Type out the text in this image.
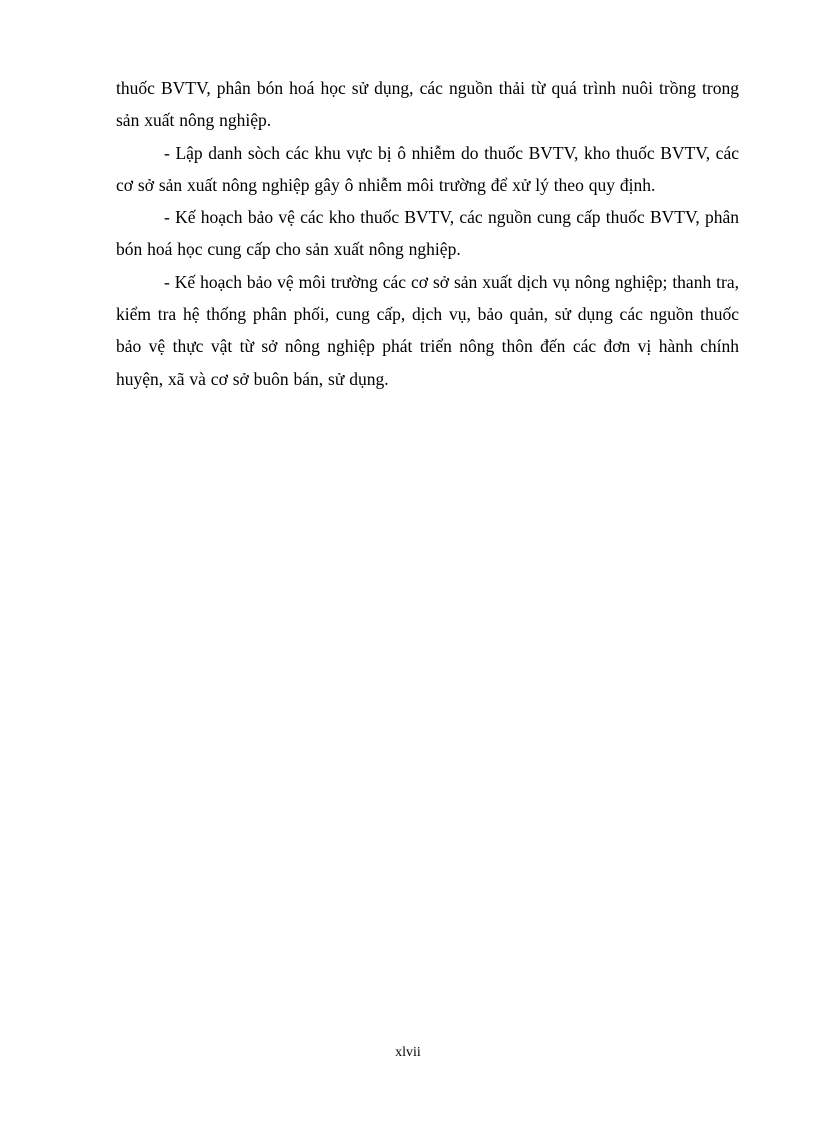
thuốc BVTV, phân bón hoá học sử dụng, các nguồn thải từ quá trình nuôi trồng trong sản xuất nông nghiệp.

- Lập danh sòch các khu vực bị ô nhiễm do thuốc BVTV, kho thuốc BVTV, các cơ sở sản xuất nông nghiệp gây ô nhiễm môi trường để xử lý theo quy định.

- Kế hoạch bảo vệ các kho thuốc BVTV, các nguồn cung cấp thuốc BVTV, phân bón hoá học cung cấp cho sản xuất nông nghiệp.

- Kế hoạch bảo vệ môi trường các cơ sở sản xuất dịch vụ nông nghiệp; thanh tra, kiểm tra hệ thống phân phối, cung cấp, dịch vụ, bảo quản, sử dụng các nguồn thuốc bảo vệ thực vật từ sở nông nghiệp phát triển nông thôn đến các đơn vị hành chính huyện, xã và cơ sở buôn bán, sử dụng.

xlvii
